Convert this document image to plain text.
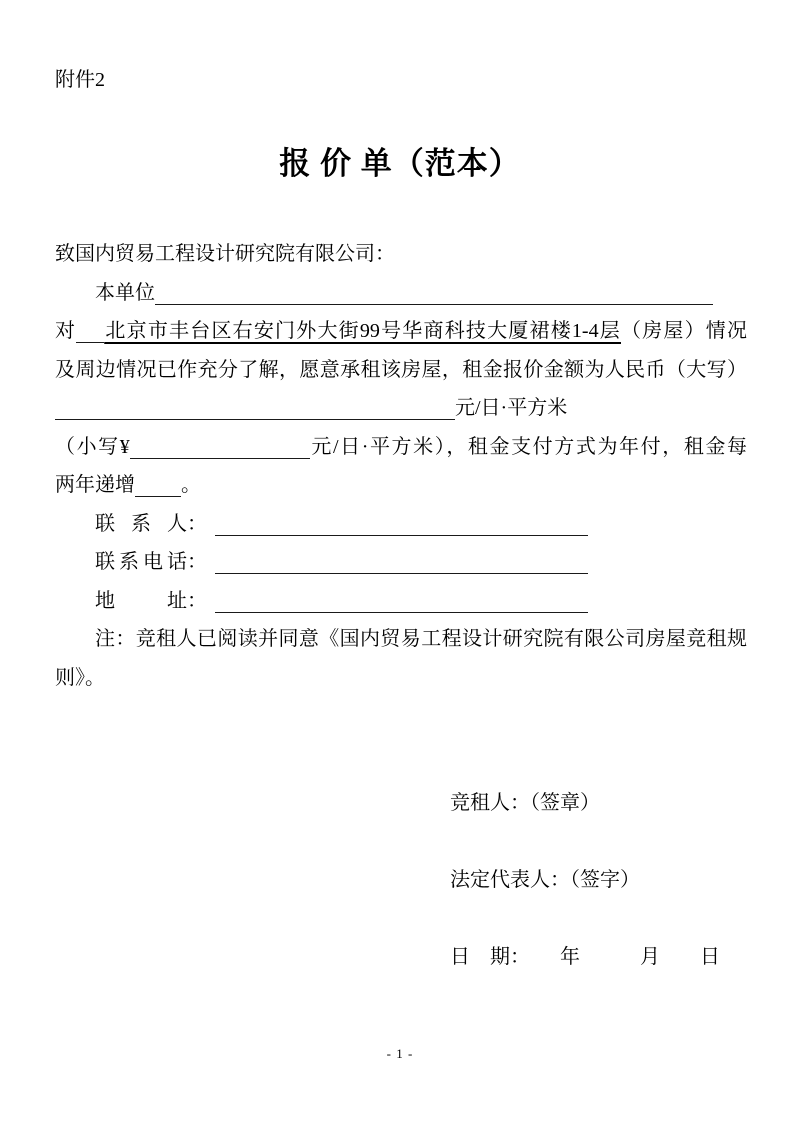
附件2
报 价 单（范本）
致国内贸易工程设计研究院有限公司：
本单位
对 北京市丰台区右安门外大街99号华商科技大厦裙楼1-4层（房屋）情况
及周边情况已作充分了解，愿意承租该房屋，租金报价金额为人民币（大写）
元/日·平方米
（小写¥	元/日·平方米），租金支付方式为年付，租金每
两年递增 。
联系人：
联系电话：
地址：
注：竞租人已阅读并同意《国内贸易工程设计研究院有限公司房屋竞租规
则》。
竞租人：（签章）
法定代表人：（签字）
日　期：　　年　　　月　　日
- 1 -
